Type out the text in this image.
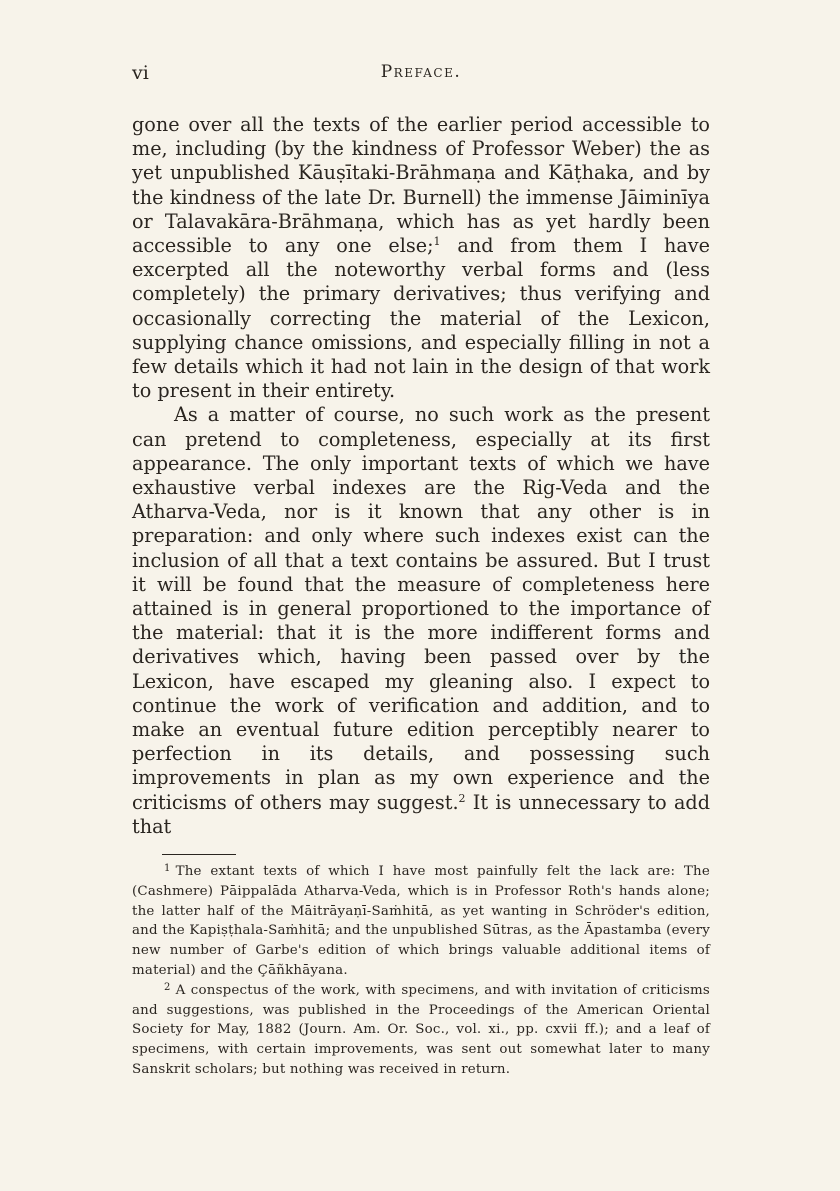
vi	Preface.

gone over all the texts of the earlier period accessible to me, including (by the kindness of Professor Weber) the as yet unpublished Kāuṣītaki-Brāhmaṇa and Kāṭhaka, and by the kindness of the late Dr. Burnell) the immense Jāiminīya or Talavakāra-Brāhmaṇa, which has as yet hardly been accessible to any one else;$^1$ and from them I have excerpted all the noteworthy verbal forms and (less completely) the primary derivatives; thus verifying and occasionally correcting the material of the Lexicon, supplying chance omissions, and especially filling in not a few details which it had not lain in the design of that work to present in their entirety.

As a matter of course, no such work as the present can pretend to completeness, especially at its first appearance. The only important texts of which we have exhaustive verbal indexes are the Rig-Veda and the Atharva-Veda, nor is it known that any other is in preparation: and only where such indexes exist can the inclusion of all that a text contains be assured. But I trust it will be found that the measure of completeness here attained is in general proportioned to the importance of the material: that it is the more indifferent forms and derivatives which, having been passed over by the Lexicon, have escaped my gleaning also. I expect to continue the work of verification and addition, and to make an eventual future edition perceptibly nearer to perfection in its details, and possessing such improvements in plan as my own experience and the criticisms of others may suggest.$^2$ It is unnecessary to add that

$^1$ The extant texts of which I have most painfully felt the lack are: The (Cashmere) Pāippalāda Atharva-Veda, which is in Professor Roth's hands alone; the latter half of the Māitrāyaṇī-Saṁhitā, as yet wanting in Schröder's edition, and the Kapiṣṭhala-Saṁhitā; and the unpublished Sūtras, as the Āpastamba (every new number of Garbe's edition of which brings valuable additional items of material) and the Çāñkhāyana.

$^2$ A conspectus of the work, with specimens, and with invitation of criticisms and suggestions, was published in the Proceedings of the American Oriental Society for May, 1882 (Journ. Am. Or. Soc., vol. xi., pp. cxvii ff.); and a leaf of specimens, with certain improvements, was sent out somewhat later to many Sanskrit scholars; but nothing was received in return.
